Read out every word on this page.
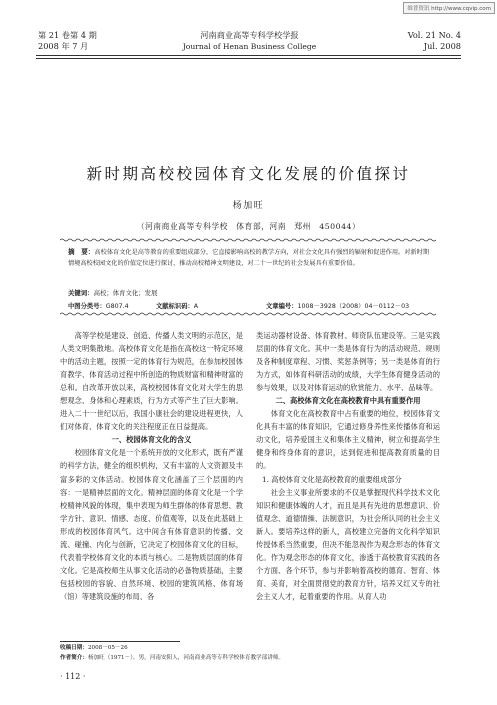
维普资讯 http://www.cqvip.com
第 21 卷第 4 期
2008 年 7 月
河南商业高等专科学校学报
Journal of Henan Business College
Vol. 21 No. 4
Jul. 2008
新时期高校校园体育文化发展的价值探讨
杨加旺
（河南商业高等专科学校　体育部，河南　郑州　450044）
摘　要：高校体育文化是高等教育的重要组成部分，它直接影响高校的教学方向，对社会文化具有强烈的辐射和促进作用。对新时期情境高校校园文化的价值定位进行探讨，推动高校精神文明建设，对二十一世纪的社会发展具有重要价值。
关键词：高校；体育文化；发展
中图分类号：G807.4	文献标识码：A	文章编号：1008－3928（2008）04－0112－03

　　高等学校是建设、创造、传播人类文明的示范区，是人类文明集散地。高校体育文化是指在高校这一特定环境中的活动主题，按照一定的体育行为规范，在参加校园体育教学、体育活动过程中所创造的物质财富和精神财富的总和。自改革开放以来，高校校园体育文化对大学生的思想观念、身体和心理素质，行为方式等产生了巨大影响。进入二十一世纪以后，我国小康社会的建设进程更快，人们对体育、体育文化的关注程度正在日益提高。

一、校园体育文化的含义

　　校园体育文化是一个系统开放的文化形式，既有严谨的科学方法，健全的组织机构，又有丰富的人文资源及丰富多彩的文体活动。校园体育文化涵盖了三个层面的内容：一是精神层面的文化。精神层面的体育文化是一个学校精神风貌的体现，集中表现为师生群体的体育思想、教学方针、意识、情感、态度、价值观等，以及在此基础上形成的校园体育风气。这中间含有体育意识的传播、交流、碰撞、内化与创新，它决定了校园体育文化的目标，代表着学校体育文化的本质与核心。二是物质层面的体育文化。它是高校师生从事文化活动的必备物质基础，主要包括校园的容貌、自然环境、校园的建筑风格、体育场（馆）等建筑设施的布局、各

类运动器材设备、体育教材、师资队伍建设等。三是实践层面的体育文化。其中一类是体育行为的活动规范、规则及各种制度章程、习惯、奖惩条例等；另一类是体育的行为方式，如体育科研活动的成绩，大学生体育健身活动的参与效果，以及对体育运动的欣赏能力、水平、品味等。

二、高校体育文化在高校教育中具有重要作用

　　体育文化在高校教育中占有重要的地位，校园体育文化具有丰富的体育知识，它通过修身养性来传播体育和运动文化，培养爱国主义和集体主义精神，树立和提高学生健身和终身体育的意识，达到促进和提高教育质量的目的。

1. 高校体育文化是高校教育的重要组成部分

　　社会主义事业所要求的不仅是掌握现代科学技术文化知识和健康体魄的人才，而且是具有先进的思想意识、价值观念、道德情操、法制意识，为社会所认同的社会主义新人。要培养这样的新人，高校建立完备的文化科学知识传授体系当然重要，但决不能忽视作为观念形态的体育文化。作为观念形态的体育文化，渗透于高校教育实践的各个方面、各个环节，参与并影响着高校的德育、智育、体育、美育，对全面贯彻党的教育方针，培养又红又专的社会主义人才，起着重要的作用。从育人功

收稿日期：2008－05－26
作者简介：杨加旺（1971－），男，河南安阳人，河南商业高等专科学校体育教学部讲师。
· 112 ·
